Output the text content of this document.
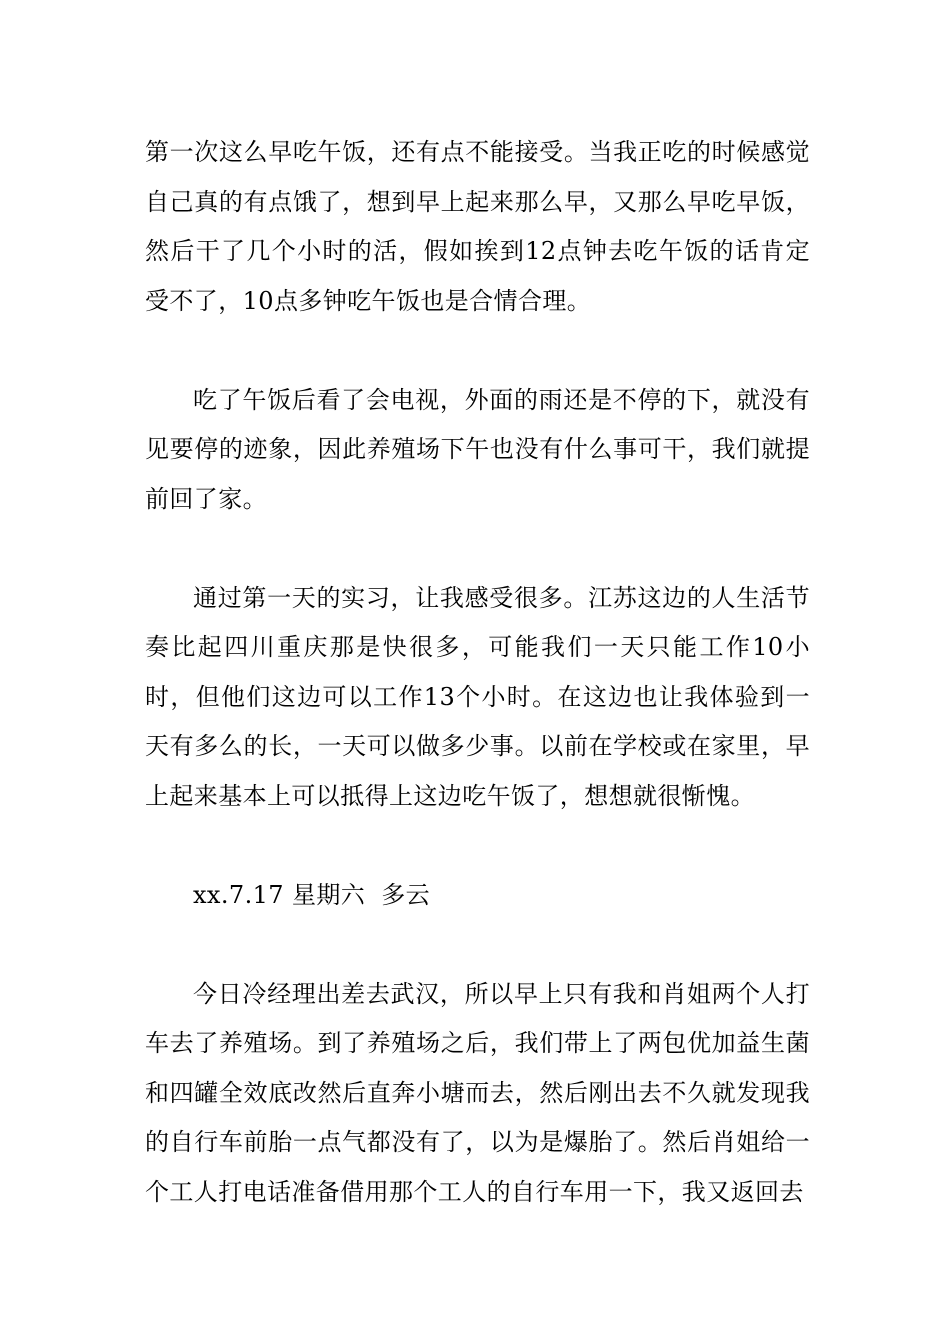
第一次这么早吃午饭，还有点不能接受。当我正吃的时候感觉自己真的有点饿了，想到早上起来那么早，又那么早吃早饭，然后干了几个小时的活，假如挨到12点钟去吃午饭的话肯定受不了，10点多钟吃午饭也是合情合理。

吃了午饭后看了会电视，外面的雨还是不停的下，就没有见要停的迹象，因此养殖场下午也没有什么事可干，我们就提前回了家。

通过第一天的实习，让我感受很多。江苏这边的人生活节奏比起四川重庆那是快很多，可能我们一天只能工作10小时，但他们这边可以工作13个小时。在这边也让我体验到一天有多么的长，一天可以做多少事。以前在学校或在家里，早上起来基本上可以抵得上这边吃午饭了，想想就很惭愧。

xx.7.17 星期六  多云

今日冷经理出差去武汉，所以早上只有我和肖姐两个人打车去了养殖场。到了养殖场之后，我们带上了两包优加益生菌和四罐全效底改然后直奔小塘而去，然后刚出去不久就发现我的自行车前胎一点气都没有了，以为是爆胎了。然后肖姐给一个工人打电话准备借用那个工人的自行车用一下，我又返回去
